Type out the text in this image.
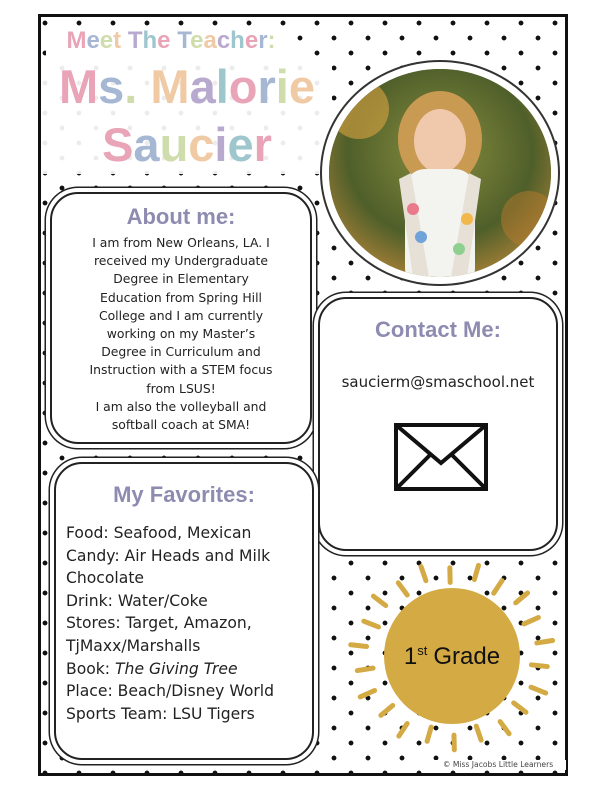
Meet The Teacher:
Ms. Malorie
Saucier
About me:

I am from New Orleans, LA. I
received my Undergraduate
Degree in Elementary
Education from Spring Hill
College and I am currently
working on my Master’s
Degree in Curriculum and
Instruction with a STEM focus
from LSUS!
I am also the volleyball and
softball coach at SMA!

Contact Me:
saucierm@smaschool.net
My Favorites:
Food: Seafood, Mexican
Candy: Air Heads and Milk Chocolate
Drink: Water/Coke
Stores: Target, Amazon, TjMaxx/Marshalls
Book: The Giving Tree
Place: Beach/Disney World
Sports Team: LSU Tigers
1st Grade
© Miss Jacobs Little Learners
